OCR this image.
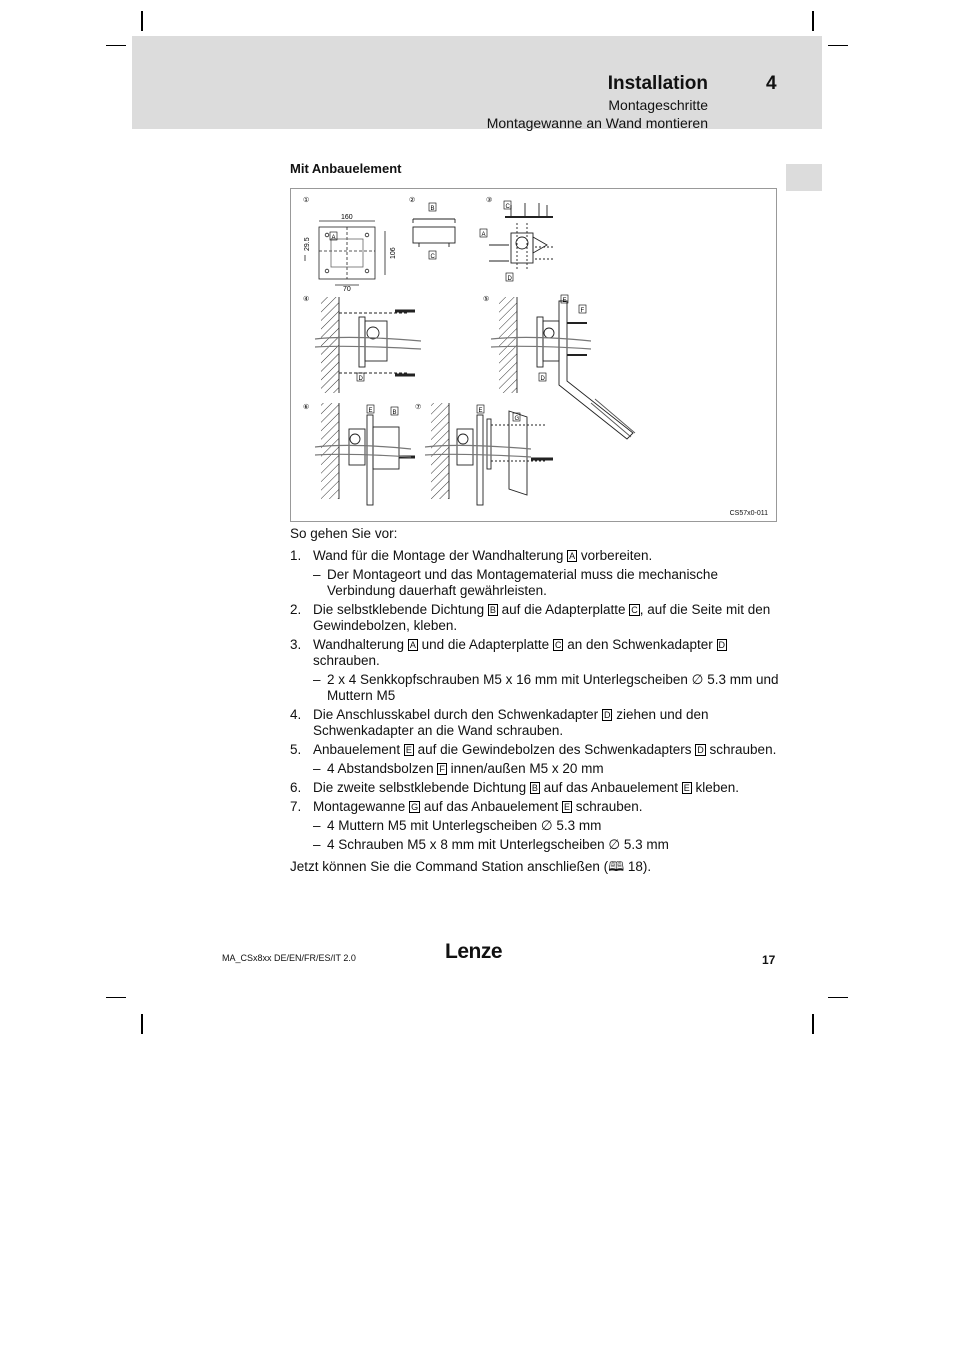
Installation	4
Montageschritte
Montagewanne an Wand montieren
Mit Anbauelement
①	②	③
④	⑤
⑥	⑦
160
29.5
106
70
A
B
C
C
A
D
D
E
F
D
E	B	E
G
CS57x0-011
So gehen Sie vor:
1. Wand für die Montage der Wandhalterung A vorbereiten.
– Der Montageort und das Montagematerial muss die mechanische Verbindung dauerhaft gewährleisten.
2. Die selbstklebende Dichtung B auf die Adapterplatte C , auf die Seite mit den Gewindebolzen, kleben.
3. Wandhalterung A und die Adapterplatte C an den Schwenkadapter D schrauben.
– 2 x 4 Senkkopfschrauben M5 x 16 mm mit Unterlegscheiben ∅ 5.3 mm und Muttern M5
4. Die Anschlusskabel durch den Schwenkadapter D ziehen und den Schwenkadapter an die Wand schrauben.
5. Anbauelement E auf die Gewindebolzen des Schwenkadapters D schrauben.
– 4 Abstandsbolzen F innen/außen M5 x 20 mm
6. Die zweite selbstklebende Dichtung B auf das Anbauelement E kleben.
7. Montagewanne G auf das Anbauelement E schrauben.
– 4 Muttern M5 mit Unterlegscheiben ∅ 5.3 mm
– 4 Schrauben M5 x 8 mm mit Unterlegscheiben ∅ 5.3 mm
Jetzt können Sie die Command Station anschließen (🕮 18).
MA_CSx8xx DE/EN/FR/ES/IT 2.0	Lenze	17
